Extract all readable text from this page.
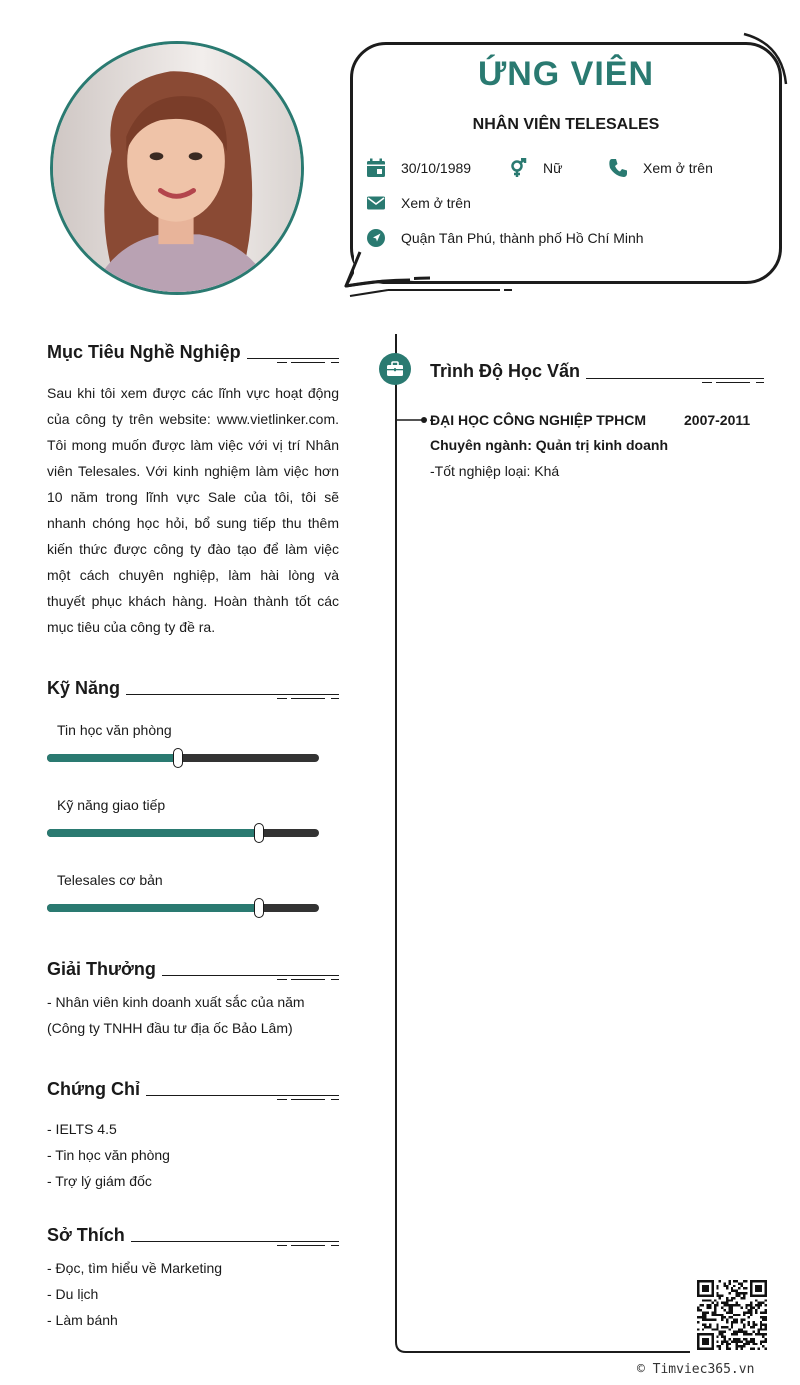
ỨNG VIÊN
NHÂN VIÊN TELESALES
30/10/1989	Nữ	Xem ở trên
Xem ở trên
Quận Tân Phú, thành phố Hồ Chí Minh
Mục Tiêu Nghề Nghiệp
Sau khi tôi xem được các lĩnh vực hoạt động của công ty trên website: www.vietlinker.com. Tôi mong muốn được làm việc với vị trí Nhân viên Telesales. Với kinh nghiệm làm việc hơn 10 năm trong lĩnh vực Sale của tôi, tôi sẽ nhanh chóng học hỏi, bổ sung tiếp thu thêm kiến thức được công ty đào tạo để làm việc một cách chuyên nghiệp, làm hài lòng và thuyết phục khách hàng. Hoàn thành tốt các mục tiêu của công ty đề ra.
Kỹ Năng
Tin học văn phòng
Kỹ năng giao tiếp
Telesales cơ bản
Giải Thưởng
- Nhân viên kinh doanh xuất sắc của năm
(Công ty TNHH đầu tư địa ốc Bảo Lâm)
Chứng Chỉ
- IELTS 4.5
- Tin học văn phòng
- Trợ lý giám đốc
Sở Thích
- Đọc, tìm hiểu về Marketing
- Du lịch
- Làm bánh
Trình Độ Học Vấn
ĐẠI HỌC CÔNG NGHIỆP TPHCM	2007-2011
Chuyên ngành: Quản trị kinh doanh
-Tốt nghiệp loại: Khá
© Timviec365.vn
